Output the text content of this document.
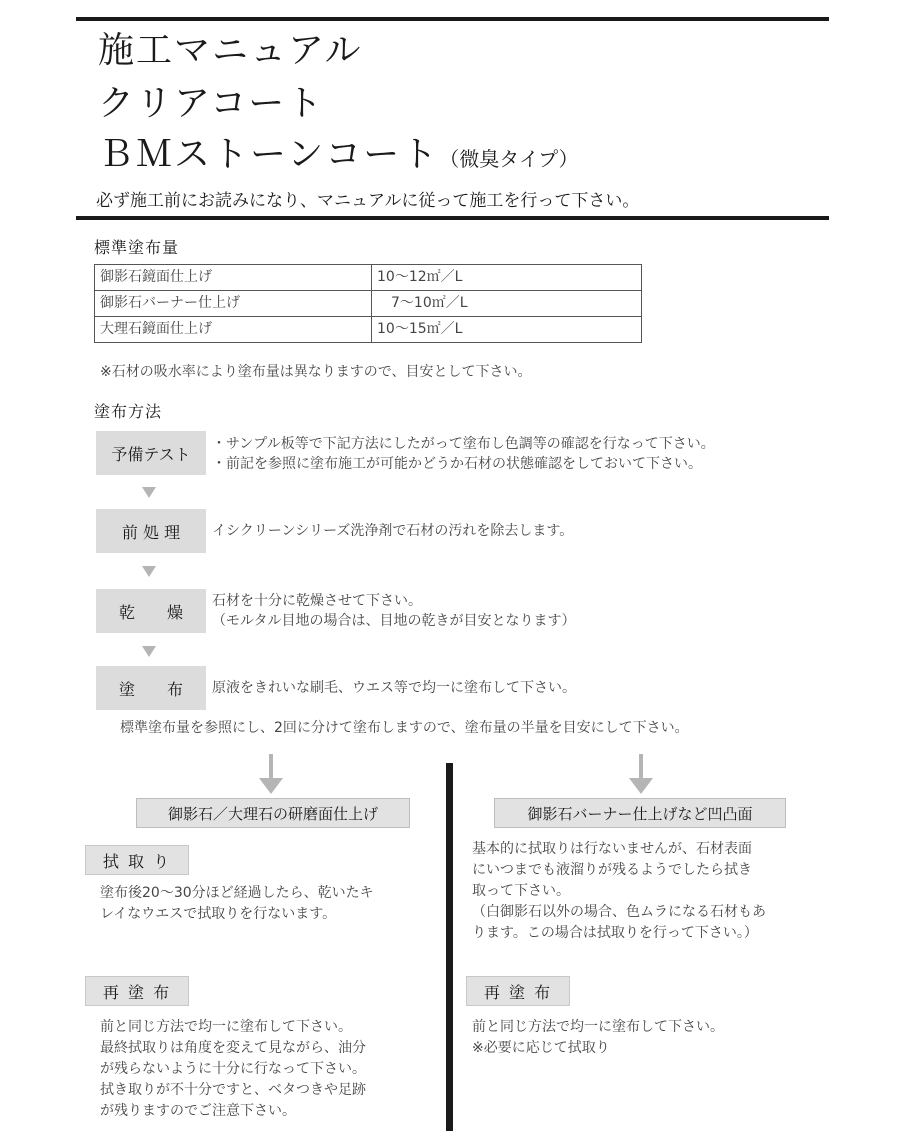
施工マニュアル
クリアコート
ＢＭストーンコート（微臭タイプ）
必ず施工前にお読みになり、マニュアルに従って施工を行って下さい。
標準塗布量
御影石鏡面仕上げ	10～12㎡／L
御影石バーナー仕上げ	　7～10㎡／L
大理石鏡面仕上げ	10～15㎡／L
※石材の吸水率により塗布量は異なりますので、目安として下さい。
塗布方法
予備テスト
・サンプル板等で下記方法にしたがって塗布し色調等の確認を行なって下さい。
・前記を参照に塗布施工が可能かどうか石材の状態確認をしておいて下さい。
前 処 理	イシクリーンシリーズ洗浄剤で石材の汚れを除去します。
乾　　燥
石材を十分に乾燥させて下さい。
（モルタル目地の場合は、目地の乾きが目安となります）
塗　　布	原液をきれいな刷毛、ウエス等で均一に塗布して下さい。
標準塗布量を参照にし、2回に分けて塗布しますので、塗布量の半量を目安にして下さい。
御影石／大理石の研磨面仕上げ	御影石バーナー仕上げなど凹凸面
拭 取 り
塗布後20～30分ほど経過したら、乾いたキ
レイなウエスで拭取りを行ないます。
再 塗 布
前と同じ方法で均一に塗布して下さい。
最終拭取りは角度を変えて見ながら、油分
が残らないように十分に行なって下さい。
拭き取りが不十分ですと、ベタつきや足跡
が残りますのでご注意下さい。
基本的に拭取りは行ないませんが、石材表面
にいつまでも液溜りが残るようでしたら拭き
取って下さい。
（白御影石以外の場合、色ムラになる石材もあ
ります。この場合は拭取りを行って下さい。）
再 塗 布
前と同じ方法で均一に塗布して下さい。
※必要に応じて拭取り
